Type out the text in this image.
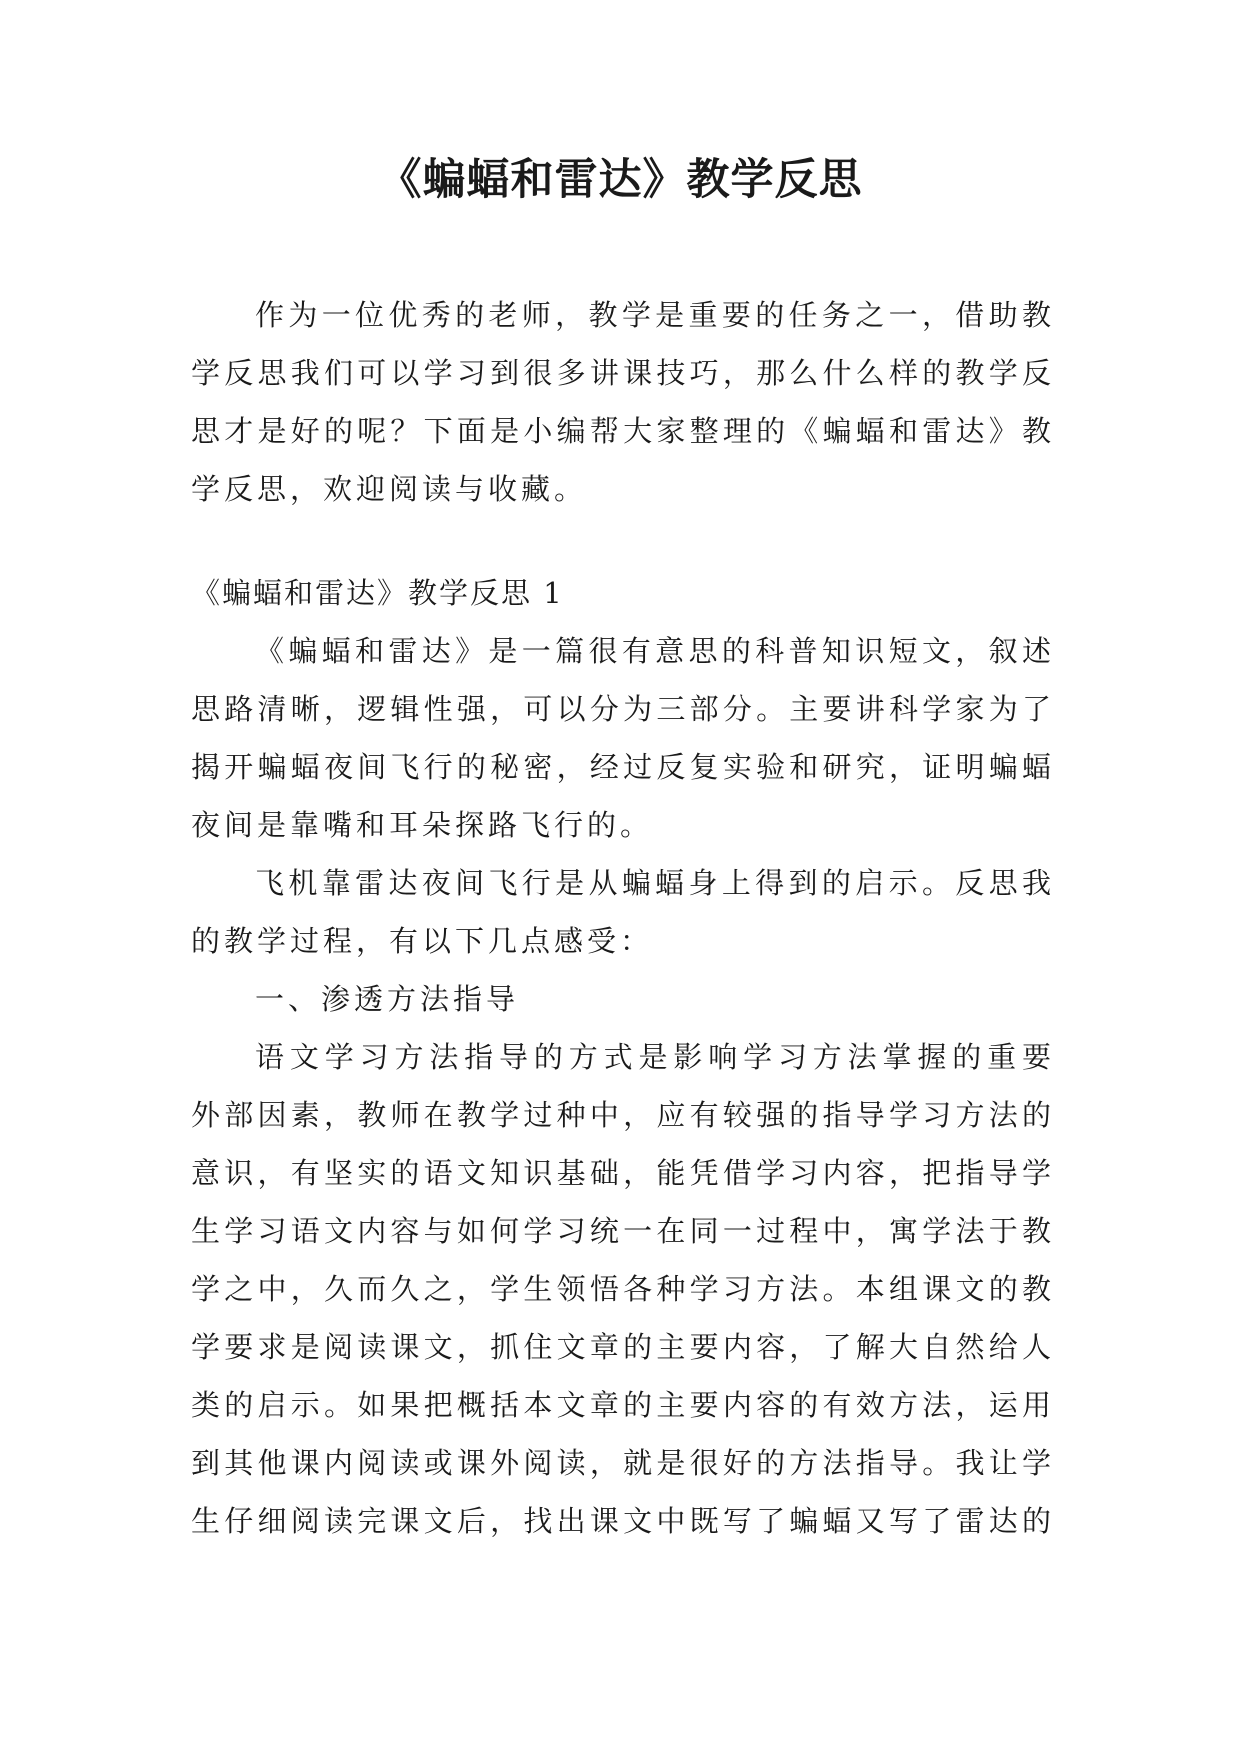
《蝙蝠和雷达》教学反思
作为一位优秀的老师，教学是重要的任务之一，借助教
学反思我们可以学习到很多讲课技巧，那么什么样的教学反
思才是好的呢？下面是小编帮大家整理的《蝙蝠和雷达》教
学反思，欢迎阅读与收藏。
《蝙蝠和雷达》教学反思 1
《蝙蝠和雷达》是一篇很有意思的科普知识短文，叙述
思路清晰，逻辑性强，可以分为三部分。主要讲科学家为了
揭开蝙蝠夜间飞行的秘密，经过反复实验和研究，证明蝙蝠
夜间是靠嘴和耳朵探路飞行的。
飞机靠雷达夜间飞行是从蝙蝠身上得到的启示。反思我
的教学过程，有以下几点感受：
一、渗透方法指导
语文学习方法指导的方式是影响学习方法掌握的重要
外部因素，教师在教学过种中，应有较强的指导学习方法的
意识，有坚实的语文知识基础，能凭借学习内容，把指导学
生学习语文内容与如何学习统一在同一过程中，寓学法于教
学之中，久而久之，学生领悟各种学习方法。本组课文的教
学要求是阅读课文，抓住文章的主要内容，了解大自然给人
类的启示。如果把概括本文章的主要内容的有效方法，运用
到其他课内阅读或课外阅读，就是很好的方法指导。我让学
生仔细阅读完课文后，找出课文中既写了蝙蝠又写了雷达的
